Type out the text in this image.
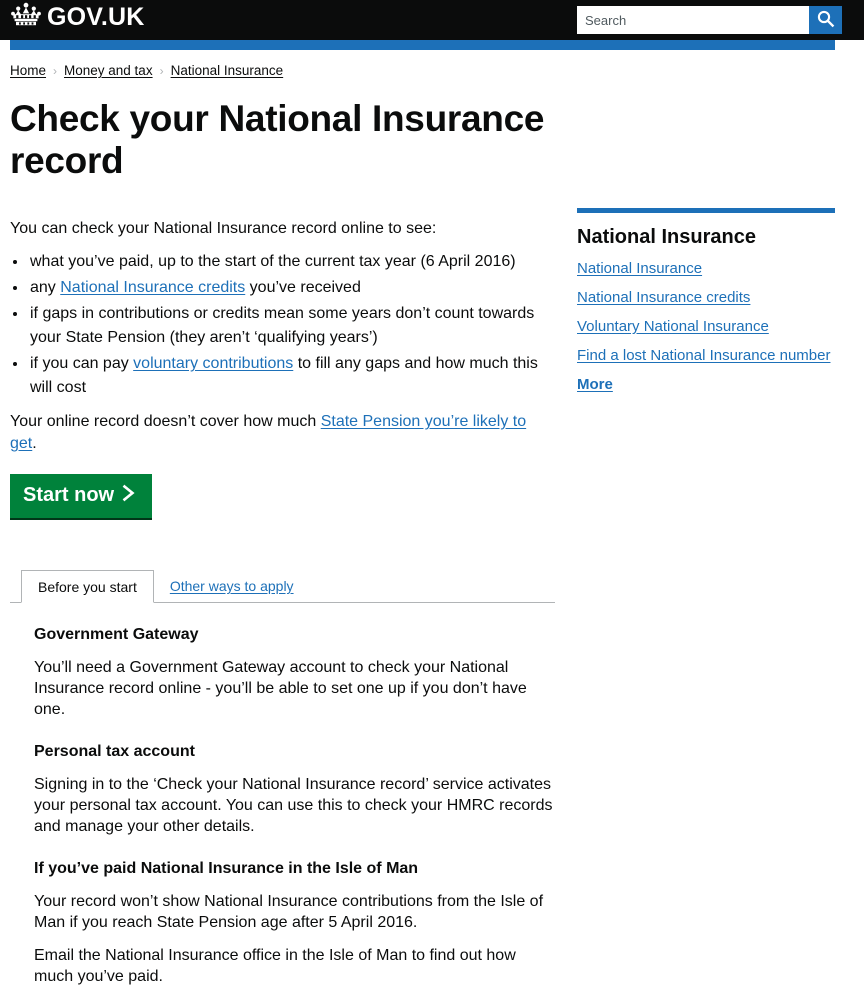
GOV.UK
Search
Home › Money and tax › National Insurance
Check your National Insurance record

You can check your National Insurance record online to see:

• what you’ve paid, up to the start of the current tax year (6 April 2016)
• any National Insurance credits you’ve received
• if gaps in contributions or credits mean some years don’t count towards your State Pension (they aren’t ‘qualifying years’)
• if you can pay voluntary contributions to fill any gaps and how much this will cost

Your online record doesn’t cover how much State Pension you’re likely to get.

Start now
Before you start	Other ways to apply
Government Gateway

You’ll need a Government Gateway account to check your National Insurance record online - you’ll be able to set one up if you don’t have one.

Personal tax account

Signing in to the ‘Check your National Insurance record’ service activates your personal tax account. You can use this to check your HMRC records and manage your other details.

If you’ve paid National Insurance in the Isle of Man

Your record won’t show National Insurance contributions from the Isle of Man if you reach State Pension age after 5 April 2016.

Email the National Insurance office in the Isle of Man to find out how much you’ve paid.

National Insurance
National Insurance
National Insurance credits
Voluntary National Insurance
Find a lost National Insurance number
More
